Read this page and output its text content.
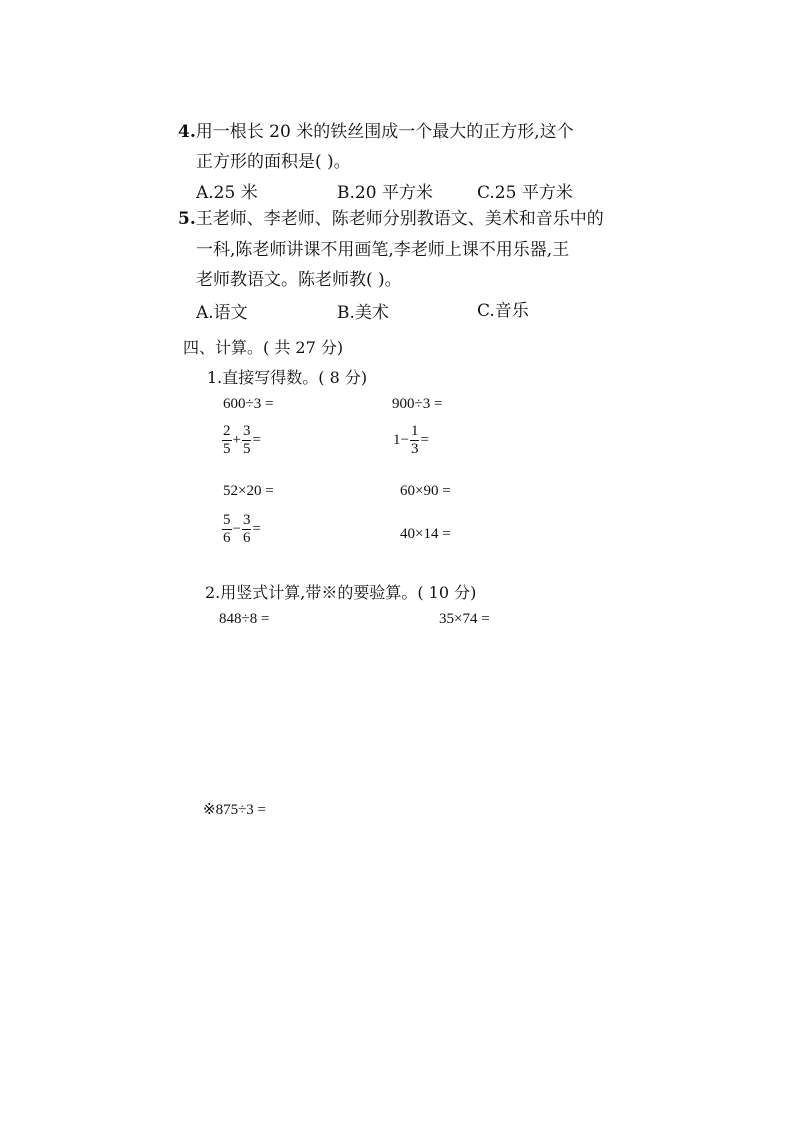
4.用一根长 20 米的铁丝围成一个最大的正方形,这个
正方形的面积是( )。
A.25 米	B.20 平方米	C.25 平方米
5.王老师、李老师、陈老师分别教语文、美术和音乐中的
一科,陈老师讲课不用画笔,李老师上课不用乐器,王
老师教语文。陈老师教( )。
A.语文	B.美术	C.音乐
四、计算。( 共 27 分)
1.直接写得数。( 8 分)
600÷3 =	900÷3 =
$\frac{2}{5} + \frac{3}{5}$ =	$1- \frac{1}{3}$ =
52×20 =	60×90 =
$\frac{5}{6} - \frac{3}{6}$ =	40×14 =
2.用竖式计算,带※的要验算。( 10 分)
848÷8 =	35×74 =
※875÷3 =
